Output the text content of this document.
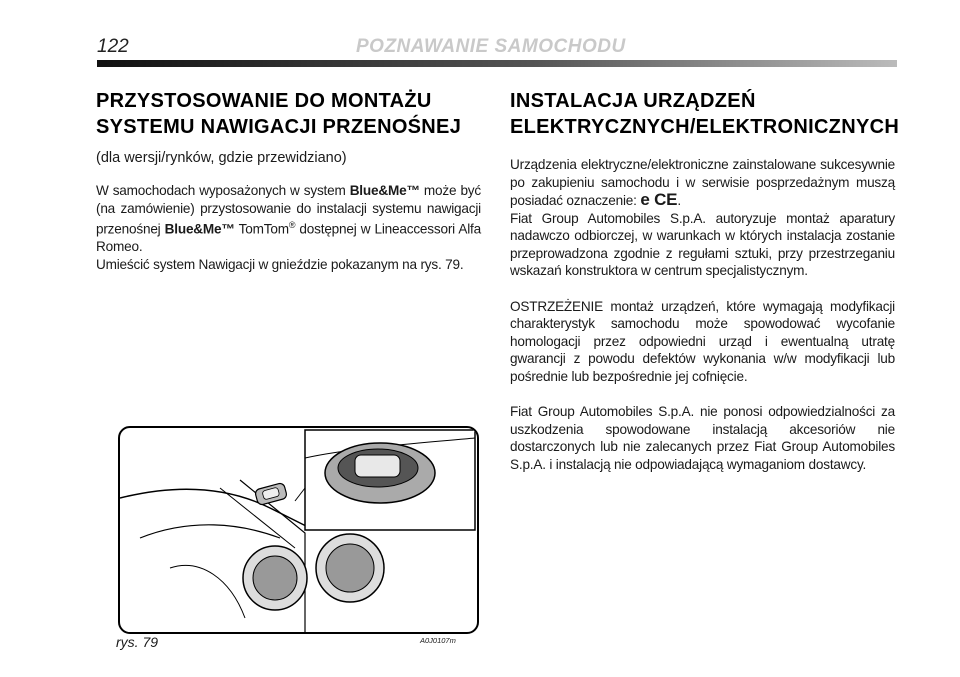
122	POZNAWANIE SAMOCHODU
PRZYSTOSOWANIE DO MONTAŻU
SYSTEMU NAWIGACJI PRZENOŚNEJ
(dla wersji/rynków, gdzie przewidziano)

W samochodach wyposażonych w system Blue&Me™ może być (na zamówienie) przystosowanie do instalacji systemu nawigacji przenośnej Blue&Me™ TomTom® dostępnej w Lineaccessori Alfa Romeo.

Umieścić system Nawigacji w gnieździe pokazanym na rys. 79.

INSTALACJA URZĄDZEŃ
ELEKTRYCZNYCH/ELEKTRONICZNYCH

Urządzenia elektryczne/elektroniczne zainstalowane sukcesywnie po zakupieniu samochodu i w serwisie posprzedażnym muszą posiadać oznaczenie: e CE.

Fiat Group Automobiles S.p.A. autoryzuje montaż aparatury nadawczo odbiorczej, w warunkach w których instalacja zostanie przeprowadzona zgodnie z regułami sztuki, przy przestrzeganiu wskazań konstruktora w centrum specjalistycznym.

OSTRZEŻENIE montaż urządzeń, które wymagają modyfikacji charakterystyk samochodu może spowodować wycofanie homologacji przez odpowiedni urząd i ewentualną utratę gwarancji z powodu defektów wykonania w/w modyfikacji lub pośrednie lub bezpośrednie jej cofnięcie.

Fiat Group Automobiles S.p.A. nie ponosi odpowiedzialności za uszkodzenia spowodowane instalacją akcesoriów nie dostarczonych lub nie zalecanych przez Fiat Group Automobiles S.p.A. i instalacją nie odpowiadającą wymaganiom dostawcy.

rys. 79	A0J0107m
